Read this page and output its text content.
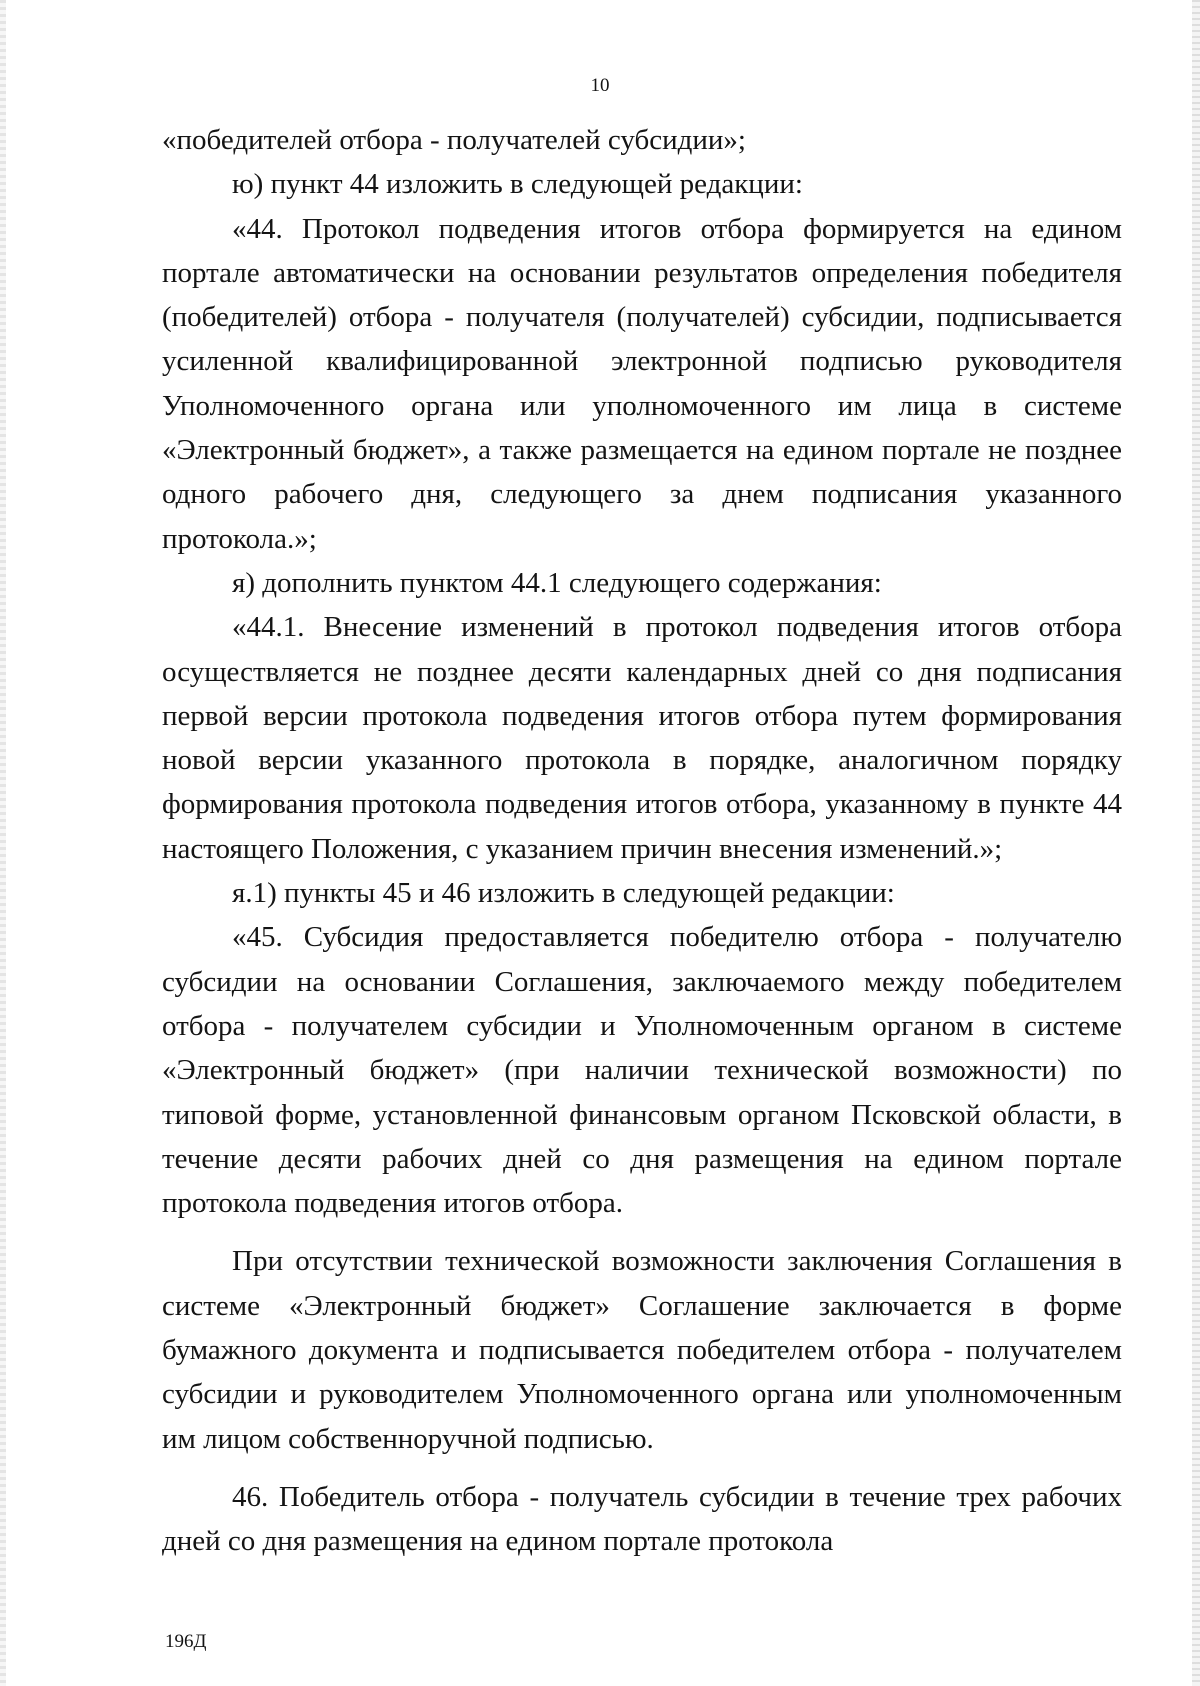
10

«победителей отбора - получателей субсидии»;

ю) пункт 44 изложить в следующей редакции:

«44. Протокол подведения итогов отбора формируется на едином портале автоматически на основании результатов определения победителя (победителей) отбора - получателя (получателей) субсидии, подписывается усиленной квалифицированной электронной подписью руководителя Уполномоченного органа или уполномоченного им лица в системе «Электронный бюджет», а также размещается на едином портале не позднее одного рабочего дня, следующего за днем подписания указанного протокола.»;

я) дополнить пунктом 44.1 следующего содержания:

«44.1. Внесение изменений в протокол подведения итогов отбора осуществляется не позднее десяти календарных дней со дня подписания первой версии протокола подведения итогов отбора путем формирования новой версии указанного протокола в порядке, аналогичном порядку формирования протокола подведения итогов отбора, указанному в пункте 44 настоящего Положения, с указанием причин внесения изменений.»;

я.1) пункты 45 и 46 изложить в следующей редакции:

«45. Субсидия предоставляется победителю отбора - получателю субсидии на основании Соглашения, заключаемого между победителем отбора - получателем субсидии и Уполномоченным органом в системе «Электронный бюджет» (при наличии технической возможности) по типовой форме, установленной финансовым органом Псковской области, в течение десяти рабочих дней со дня размещения на едином портале протокола подведения итогов отбора.

При отсутствии технической возможности заключения Соглашения в системе «Электронный бюджет» Соглашение заключается в форме бумажного документа и подписывается победителем отбора - получателем субсидии и руководителем Уполномоченного органа или уполномоченным им лицом собственноручной подписью.

46. Победитель отбора - получатель субсидии в течение трех рабочих дней со дня размещения на едином портале протокола

196Д
